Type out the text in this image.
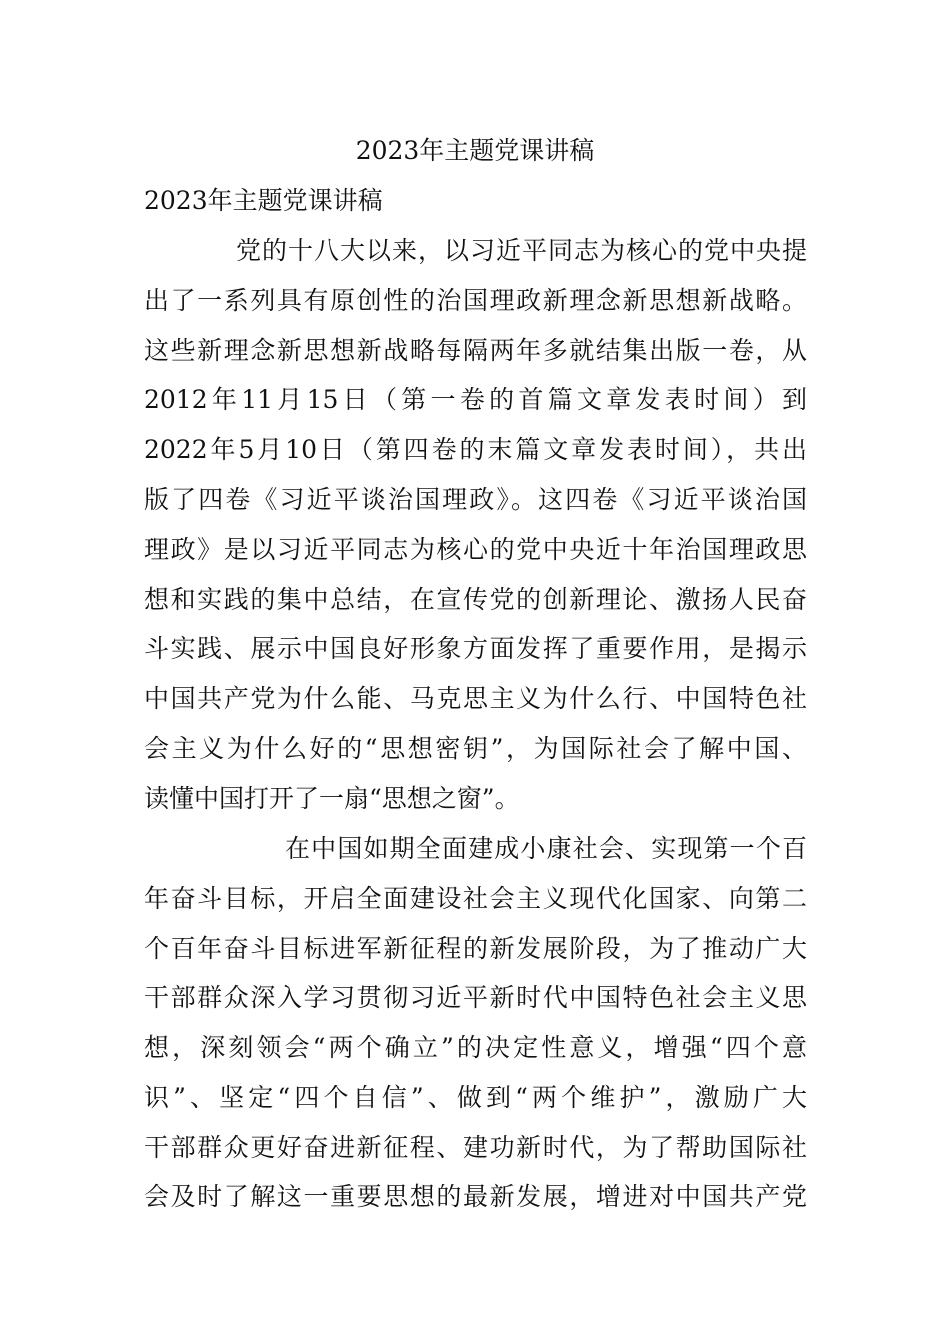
2023年主题党课讲稿
2023年主题党课讲稿
党的十八大以来，以习近平同志为核心的党中央提
出了一系列具有原创性的治国理政新理念新思想新战略。
这些新理念新思想新战略每隔两年多就结集出版一卷，从
2012年11月15日（第一卷的首篇文章发表时间）到
2022年5月10日（第四卷的末篇文章发表时间），共出
版了四卷《习近平谈治国理政》。这四卷《习近平谈治国
理政》是以习近平同志为核心的党中央近十年治国理政思
想和实践的集中总结，在宣传党的创新理论、激扬人民奋
斗实践、展示中国良好形象方面发挥了重要作用，是揭示
中国共产党为什么能、马克思主义为什么行、中国特色社
会主义为什么好的“思想密钥”，为国际社会了解中国、
读懂中国打开了一扇“思想之窗”。
在中国如期全面建成小康社会、实现第一个百
年奋斗目标，开启全面建设社会主义现代化国家、向第二
个百年奋斗目标进军新征程的新发展阶段，为了推动广大
干部群众深入学习贯彻习近平新时代中国特色社会主义思
想，深刻领会“两个确立”的决定性意义，增强“四个意
识”、坚定“四个自信”、做到“两个维护”，激励广大
干部群众更好奋进新征程、建功新时代，为了帮助国际社
会及时了解这一重要思想的最新发展，增进对中国共产党
